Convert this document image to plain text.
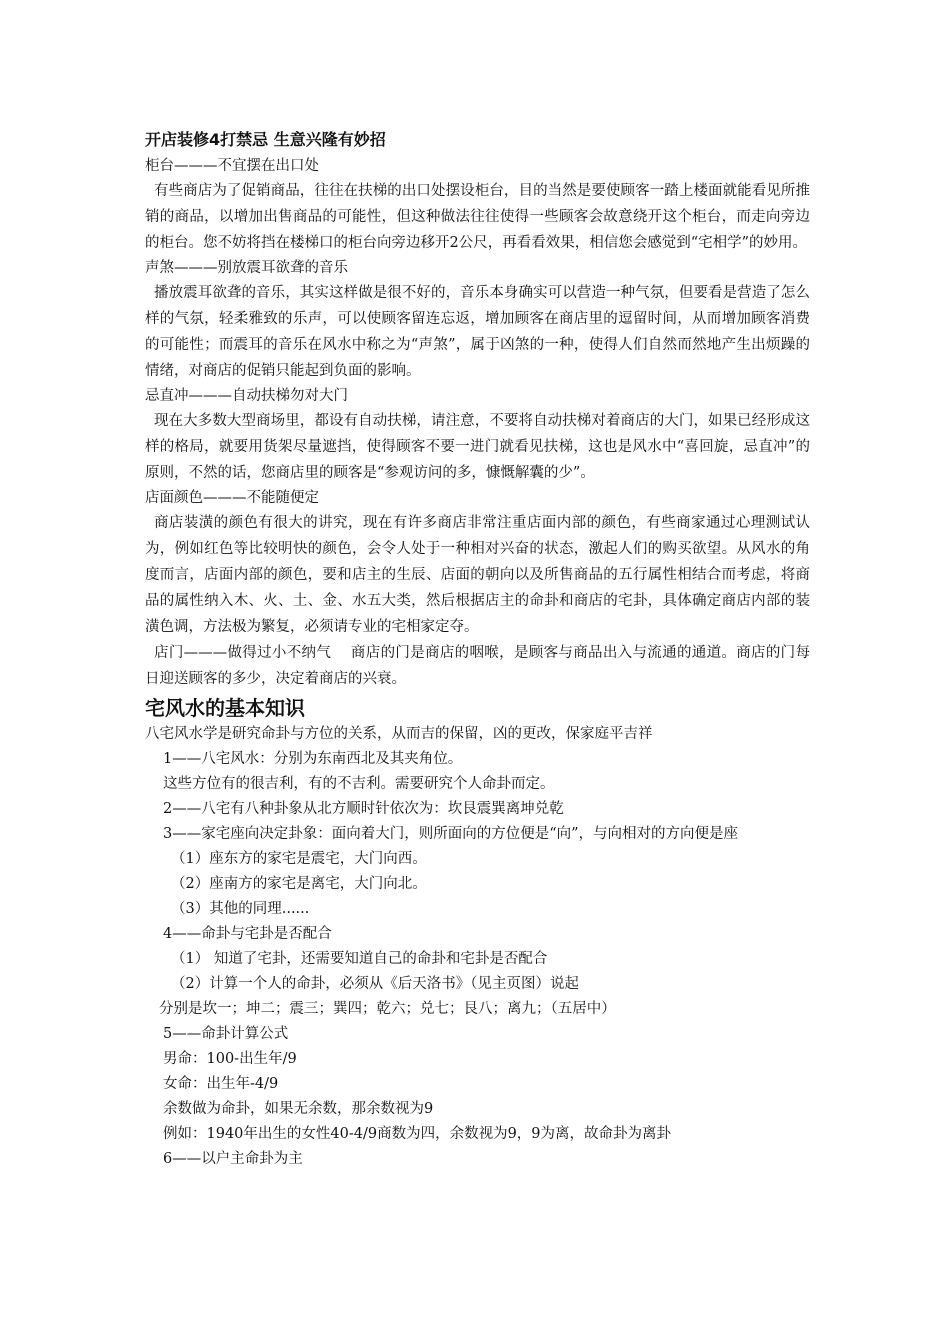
开店装修4打禁忌 生意兴隆有妙招
柜台———不宜摆在出口处
有些商店为了促销商品，往往在扶梯的出口处摆设柜台，目的当然是要使顾客一踏上楼面就能看见所推销的商品，以增加出售商品的可能性，但这种做法往往使得一些顾客会故意绕开这个柜台，而走向旁边的柜台。您不妨将挡在楼梯口的柜台向旁边移开2公尺，再看看效果，相信您会感觉到“宅相学”的妙用。
声煞———别放震耳欲聋的音乐
播放震耳欲聋的音乐，其实这样做是很不好的，音乐本身确实可以营造一种气氛，但要看是营造了怎么样的气氛，轻柔雅致的乐声，可以使顾客留连忘返，增加顾客在商店里的逗留时间，从而增加顾客消费的可能性；而震耳的音乐在风水中称之为“声煞”，属于凶煞的一种，使得人们自然而然地产生出烦躁的情绪，对商店的促销只能起到负面的影响。
忌直冲———自动扶梯勿对大门
现在大多数大型商场里，都设有自动扶梯，请注意，不要将自动扶梯对着商店的大门，如果已经形成这样的格局，就要用货架尽量遮挡，使得顾客不要一进门就看见扶梯，这也是风水中“喜回旋，忌直冲”的原则，不然的话，您商店里的顾客是“参观访问的多，慷慨解囊的少”。
店面颜色———不能随便定
商店装潢的颜色有很大的讲究，现在有许多商店非常注重店面内部的颜色，有些商家通过心理测试认为，例如红色等比较明快的颜色，会令人处于一种相对兴奋的状态，激起人们的购买欲望。从风水的角度而言，店面内部的颜色，要和店主的生辰、店面的朝向以及所售商品的五行属性相结合而考虑，将商品的属性纳入木、火、土、金、水五大类，然后根据店主的命卦和商店的宅卦，具体确定商店内部的装潢色调，方法极为繁复，必须请专业的宅相家定夺。
店门———做得过小不纳气　 商店的门是商店的咽喉，是顾客与商品出入与流通的通道。商店的门每日迎送顾客的多少，决定着商店的兴衰。
宅风水的基本知识
八宅风水学是研究命卦与方位的关系，从而吉的保留，凶的更改，保家庭平吉祥
1——八宅风水：分别为东南西北及其夹角位。
这些方位有的很吉利，有的不吉利。需要研究个人命卦而定。
2——八宅有八种卦象从北方顺时针依次为：坎艮震巽离坤兑乾
3——家宅座向决定卦象：面向着大门，则所面向的方位便是“向”，与向相对的方向便是座
（1）座东方的家宅是震宅，大门向西。
（2）座南方的家宅是离宅，大门向北。
（3）其他的同理......
4——命卦与宅卦是否配合
（1） 知道了宅卦，还需要知道自己的命卦和宅卦是否配合
（2）计算一个人的命卦，必须从《后天洛书》（见主页图）说起
分别是坎一；坤二；震三；巽四；乾六；兑七；艮八；离九；（五居中）
5——命卦计算公式
男命：100-出生年/9
女命：出生年-4/9
余数做为命卦，如果无余数，那余数视为9
例如：1940年出生的女性40-4/9商数为四，余数视为9，9为离，故命卦为离卦
6——以户主命卦为主
